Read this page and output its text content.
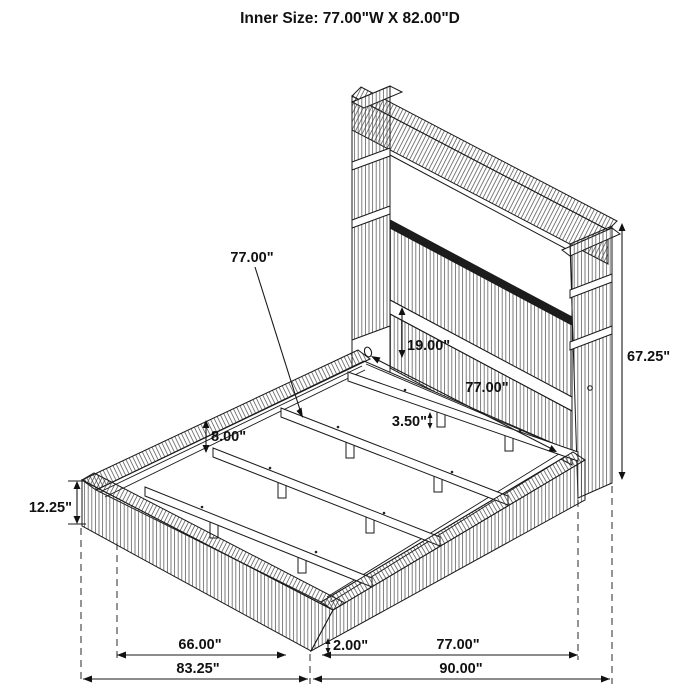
Inner Size: 77.00"W X 82.00"D
12.25"
8.00"
19.00"
67.25"
77.00"
77.00"
3.50"
66.00"	2.00"	77.00"
83.25"	90.00"
